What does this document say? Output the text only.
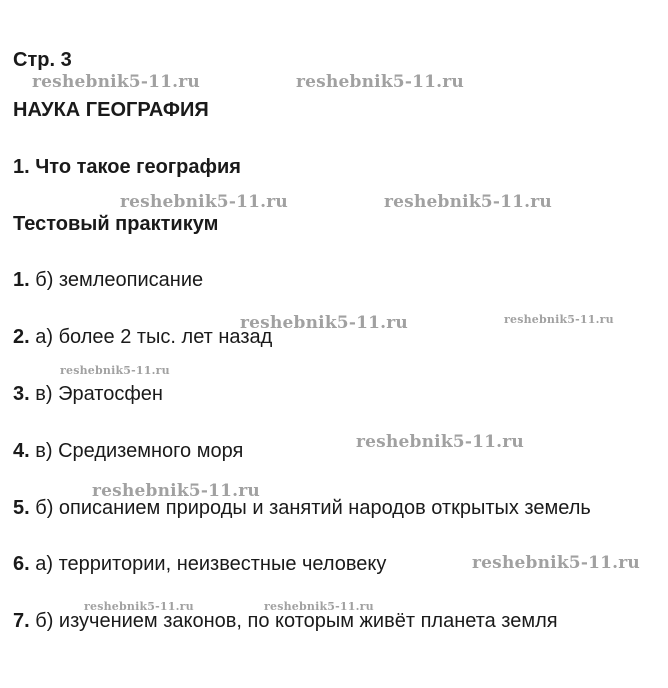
Стр. 3
НАУКА ГЕОГРАФИЯ
1. Что такое география
Тестовый практикум
1. б) землеописание
2. а) более 2 тыс. лет назад
3. в) Эратосфен
4. в) Средиземного моря
5. б) описанием природы и занятий народов открытых земель
6. а) территории, неизвестные человеку
7. б) изучением законов, по которым живёт планета земля
reshebnik5-11.ru	reshebnik5-11.ru
reshebnik5-11.ru	reshebnik5-11.ru
reshebnik5-11.ru	reshebnik5-11.ru
reshebnik5-11.ru
reshebnik5-11.ru
reshebnik5-11.ru
reshebnik5-11.ru
reshebnik5-11.ru	reshebnik5-11.ru
